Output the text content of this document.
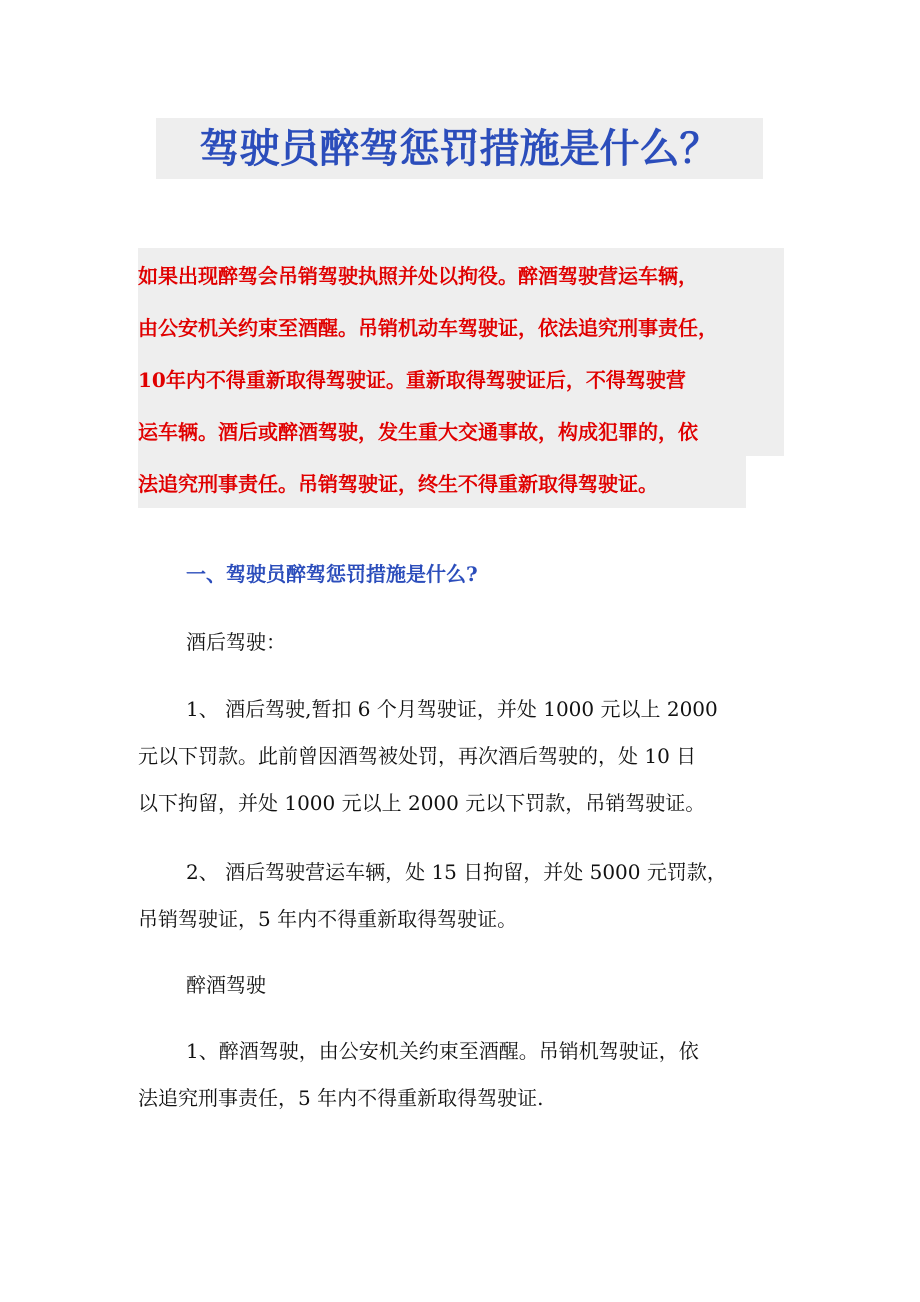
驾驶员醉驾惩罚措施是什么？
如果出现醉驾会吊销驾驶执照并处以拘役。醉酒驾驶营运车辆，
由公安机关约束至酒醒。吊销机动车驾驶证，依法追究刑事责任，
10年内不得重新取得驾驶证。重新取得驾驶证后，不得驾驶营
运车辆。酒后或醉酒驾驶，发生重大交通事故，构成犯罪的，依
法追究刑事责任。吊销驾驶证，终生不得重新取得驾驶证。
一、驾驶员醉驾惩罚措施是什么?
酒后驾驶：
1、 酒后驾驶,暂扣 6 个月驾驶证，并处 1000 元以上 2000
元以下罚款。此前曾因酒驾被处罚，再次酒后驾驶的，处 10 日
以下拘留，并处 1000 元以上 2000 元以下罚款，吊销驾驶证。
2、 酒后驾驶营运车辆，处 15 日拘留，并处 5000 元罚款，
吊销驾驶证，5 年内不得重新取得驾驶证。
醉酒驾驶
1、醉酒驾驶，由公安机关约束至酒醒。吊销机驾驶证，依
法追究刑事责任，5 年内不得重新取得驾驶证.
